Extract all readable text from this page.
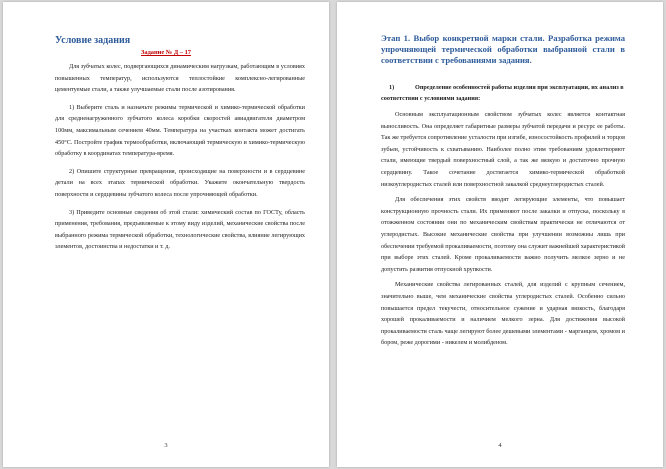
Условие задания
Задание № Д – 17

Для зубчатых колес, подвергающихся динамическим нагрузкам, работающим в условиях повышенных температур, используются теплостойкие комплексно-легированные цементуемые стали, а также улучшаемые стали после азотирования.

1) Выберите сталь и назначьте режимы термической и химико-термической обработки для средненагруженного зубчатого колеса коробки скоростей авиадвигателя диаметром 100мм, максимальным сечением 40мм. Температура на участках контакта может достигать 450°С. Постройте график термообработки, включающий термическую и химико-термическую обработку в координатах температура-время.

2) Опишите структурные превращения, происходящие на поверхности и в сердцевине детали на всех этапах термической обработки. Укажите окончательную твердость поверхности и сердцевины зубчатого колеса после упрочняющей обработки.

3) Приведите основные сведения об этой стали: химический состав по ГОСТу, область применения, требования, предъявляемые к этому виду изделий, механические свойства после выбранного режима термической обработки, технологические свойства, влияние легирующих элементов, достоинства и недостатки и т. д.

3
Этап 1. Выбор конкретной марки стали. Разработка режима упрочняющей термической обработки выбранной стали в соответствии с требованиями задания.
1)	Определение особенностей работы изделия при эксплуатации, их анализ в соответствии с условиями задания:

Основным эксплуатационным свойством зубчатых колес является контактная выносливость. Она определяет габаритные размеры зубчатой передачи и ресурс ее работы. Так же требуется сопротивление усталости при изгибе, износостойкость профилей и торцов зубьев, устойчивость к схватыванию. Наиболее полно этим требованиям удовлетворяют стали, имеющие твердый поверхностный слой, а так же вязкую и достаточно прочную сердцевину. Такое сочетание достигается химико-термической обработкой низкоуглеродистых сталей или поверхностной закалкой среднеуглеродистых сталей.

Для обеспечения этих свойств вводят легирующие элементы, что повышает конструкционную прочность стали. Их применяют после закалки и отпуска, поскольку в отожженном состоянии они по механическим свойствам практически не отличаются от углеродистых. Высокие механические свойства при улучшении возможны лишь при обеспечении требуемой прокаливаемости, поэтому она служит важнейшей характеристикой при выборе этих сталей. Кроме прокаливаемости важно получить мелкое зерно и не допустить развития отпускной хрупкости.

Механические свойства легированных сталей, для изделий с крупным сечением, значительно выше, чем механические свойства углеродистых сталей. Особенно сильно повышается предел текучести, относительное сужение и ударная вязкость, благодаря хорошей прокаливаемости и наличием мелкого зерна. Для достижения высокой прокаливаемости сталь чаще легируют более дешевыми элементами - марганцем, хромом и бором, реже дорогими - никелем и молибденом.

4
